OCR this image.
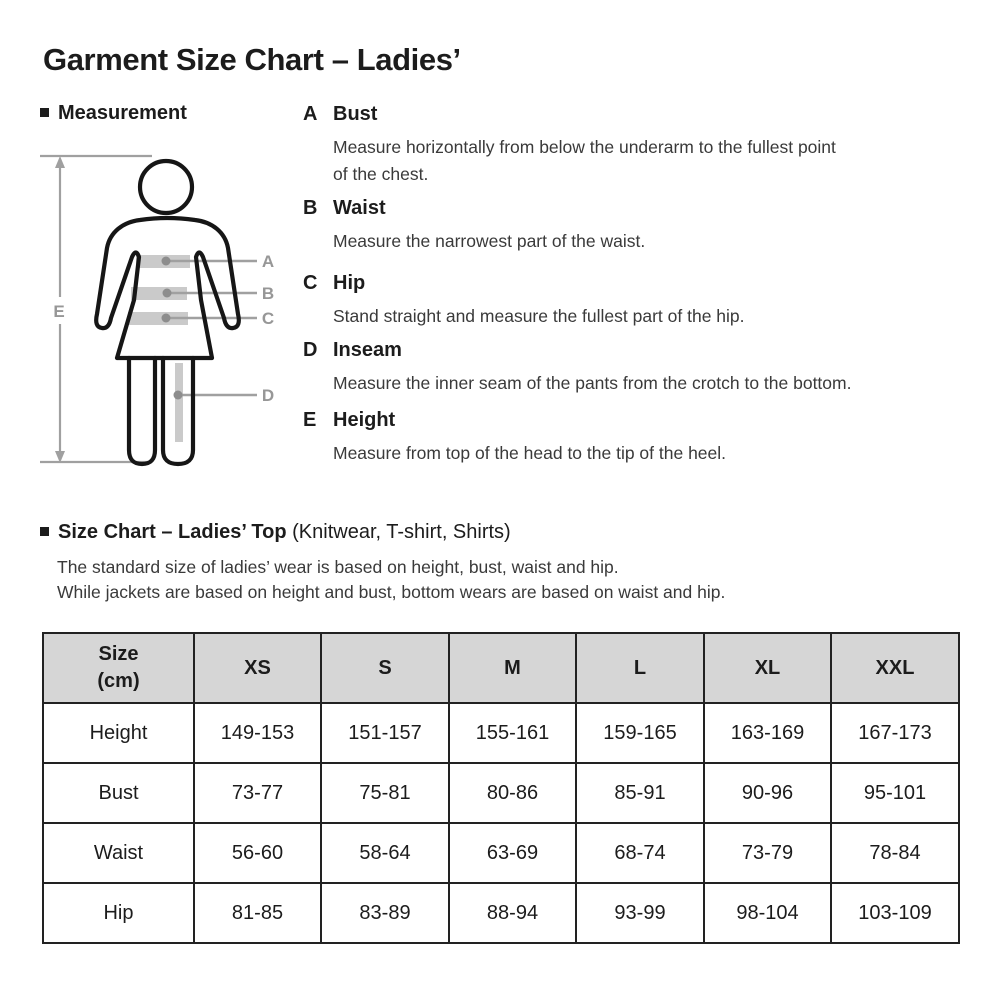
Garment Size Chart – Ladies’
Measurement
E
A
B
C
D
A Bust
Measure horizontally from below the underarm to the fullest point
of the chest.
B Waist
Measure the narrowest part of the waist.
C Hip
Stand straight and measure the fullest part of the hip.
D Inseam
Measure the inner seam of the pants from the crotch to the bottom.
E Height
Measure from top of the head to the tip of the heel.
Size Chart – Ladies’ Top (Knitwear, T-shirt, Shirts)
The standard size of ladies’ wear is based on height, bust, waist and hip.
While jackets are based on height and bust, bottom wears are based on waist and hip.
Size (cm)	XS	S	M	L	XL	XXL
Height	149-153	151-157	155-161	159-165	163-169	167-173
Bust	73-77	75-81	80-86	85-91	90-96	95-101
Waist	56-60	58-64	63-69	68-74	73-79	78-84
Hip	81-85	83-89	88-94	93-99	98-104	103-109
